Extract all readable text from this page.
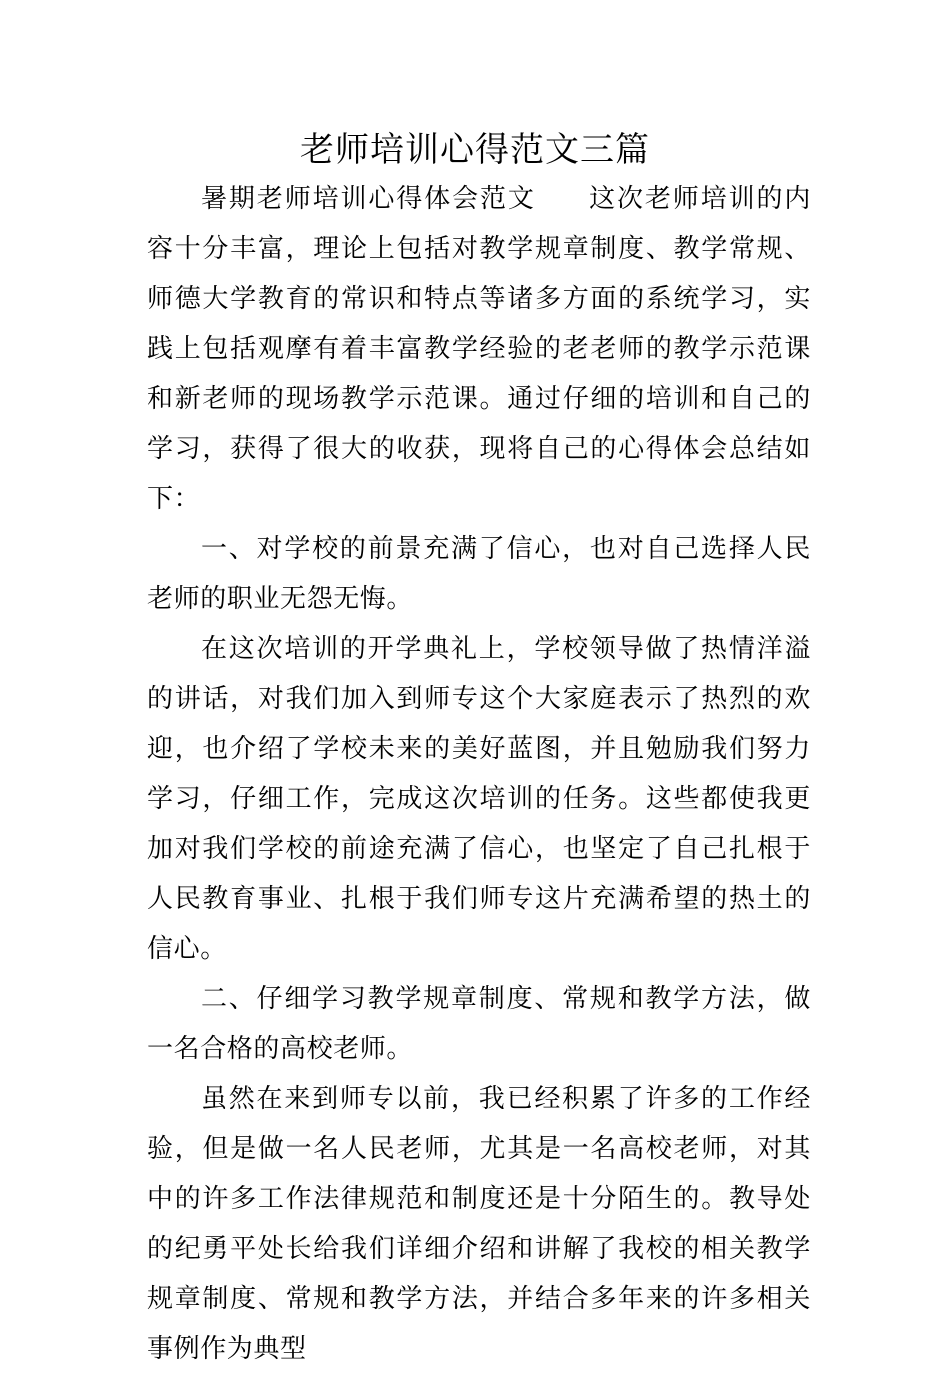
老师培训心得范文三篇

暑期老师培训心得体会范文 这次老师培训的内容十分丰富，理论上包括对教学规章制度、教学常规、师德大学教育的常识和特点等诸多方面的系统学习，实践上包括观摩有着丰富教学经验的老老师的教学示范课和新老师的现场教学示范课。通过仔细的培训和自己的学习，获得了很大的收获，现将自己的心得体会总结如下：

一、对学校的前景充满了信心，也对自己选择人民老师的职业无怨无悔。

在这次培训的开学典礼上，学校领导做了热情洋溢的讲话，对我们加入到师专这个大家庭表示了热烈的欢迎，也介绍了学校未来的美好蓝图，并且勉励我们努力学习，仔细工作，完成这次培训的任务。这些都使我更加对我们学校的前途充满了信心，也坚定了自己扎根于人民教育事业、扎根于我们师专这片充满希望的热土的信心。

二、仔细学习教学规章制度、常规和教学方法，做一名合格的高校老师。

虽然在来到师专以前，我已经积累了许多的工作经验，但是做一名人民老师，尤其是一名高校老师，对其中的许多工作法律规范和制度还是十分陌生的。教导处的纪勇平处长给我们详细介绍和讲解了我校的相关教学规章制度、常规和教学方法，并结合多年来的许多相关事例作为典型
